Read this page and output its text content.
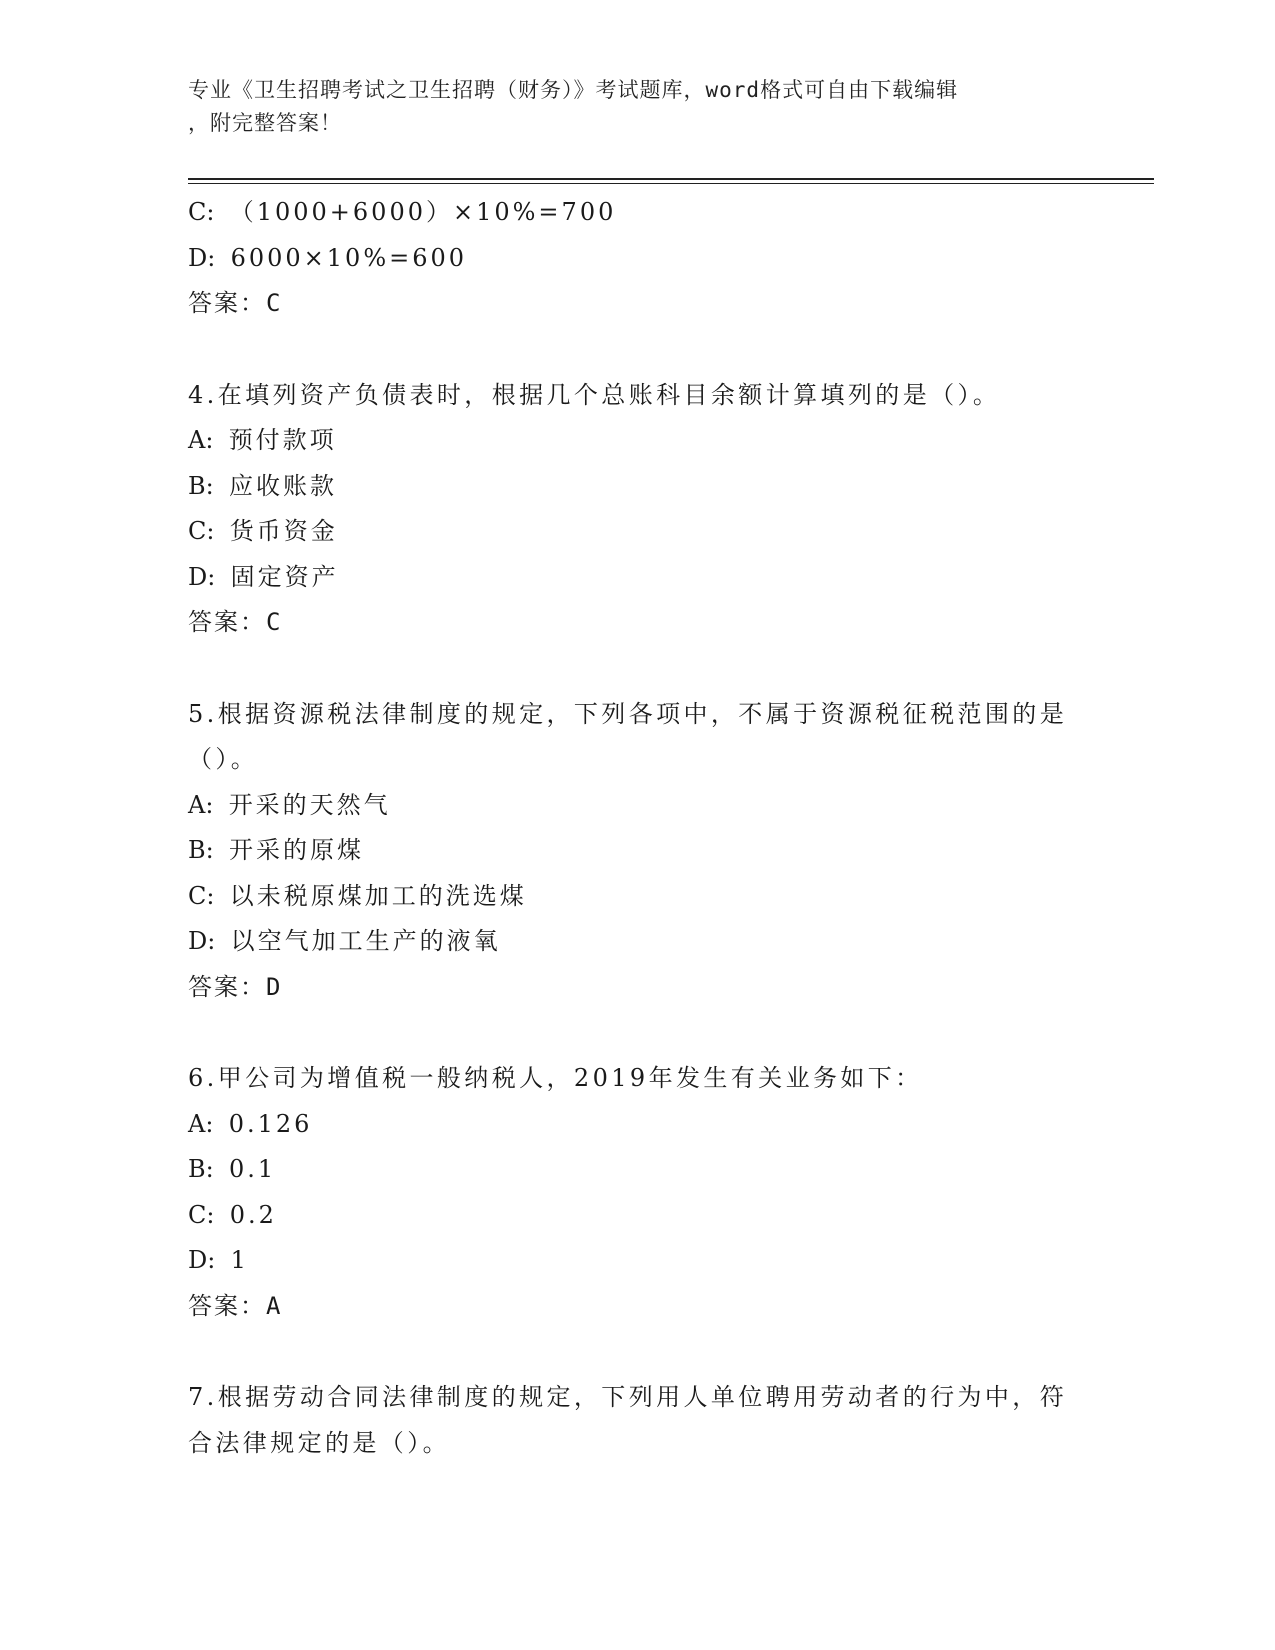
专业《卫生招聘考试之卫生招聘（财务）》考试题库，word格式可自由下载编辑
，附完整答案！
C: （1000+6000）×10%=700
D: 6000×10%=600
答案：C
4.在填列资产负债表时，根据几个总账科目余额计算填列的是（）。
A: 预付款项
B: 应收账款
C: 货币资金
D: 固定资产
答案：C
5.根据资源税法律制度的规定，下列各项中，不属于资源税征税范围的是（）。
A: 开采的天然气
B: 开采的原煤
C: 以未税原煤加工的洗选煤
D: 以空气加工生产的液氧
答案：D
6.甲公司为增值税一般纳税人，2019年发生有关业务如下：
A: 0.126
B: 0.1
C: 0.2
D: 1
答案：A
7.根据劳动合同法律制度的规定，下列用人单位聘用劳动者的行为中，符合法律规定的是（）。
